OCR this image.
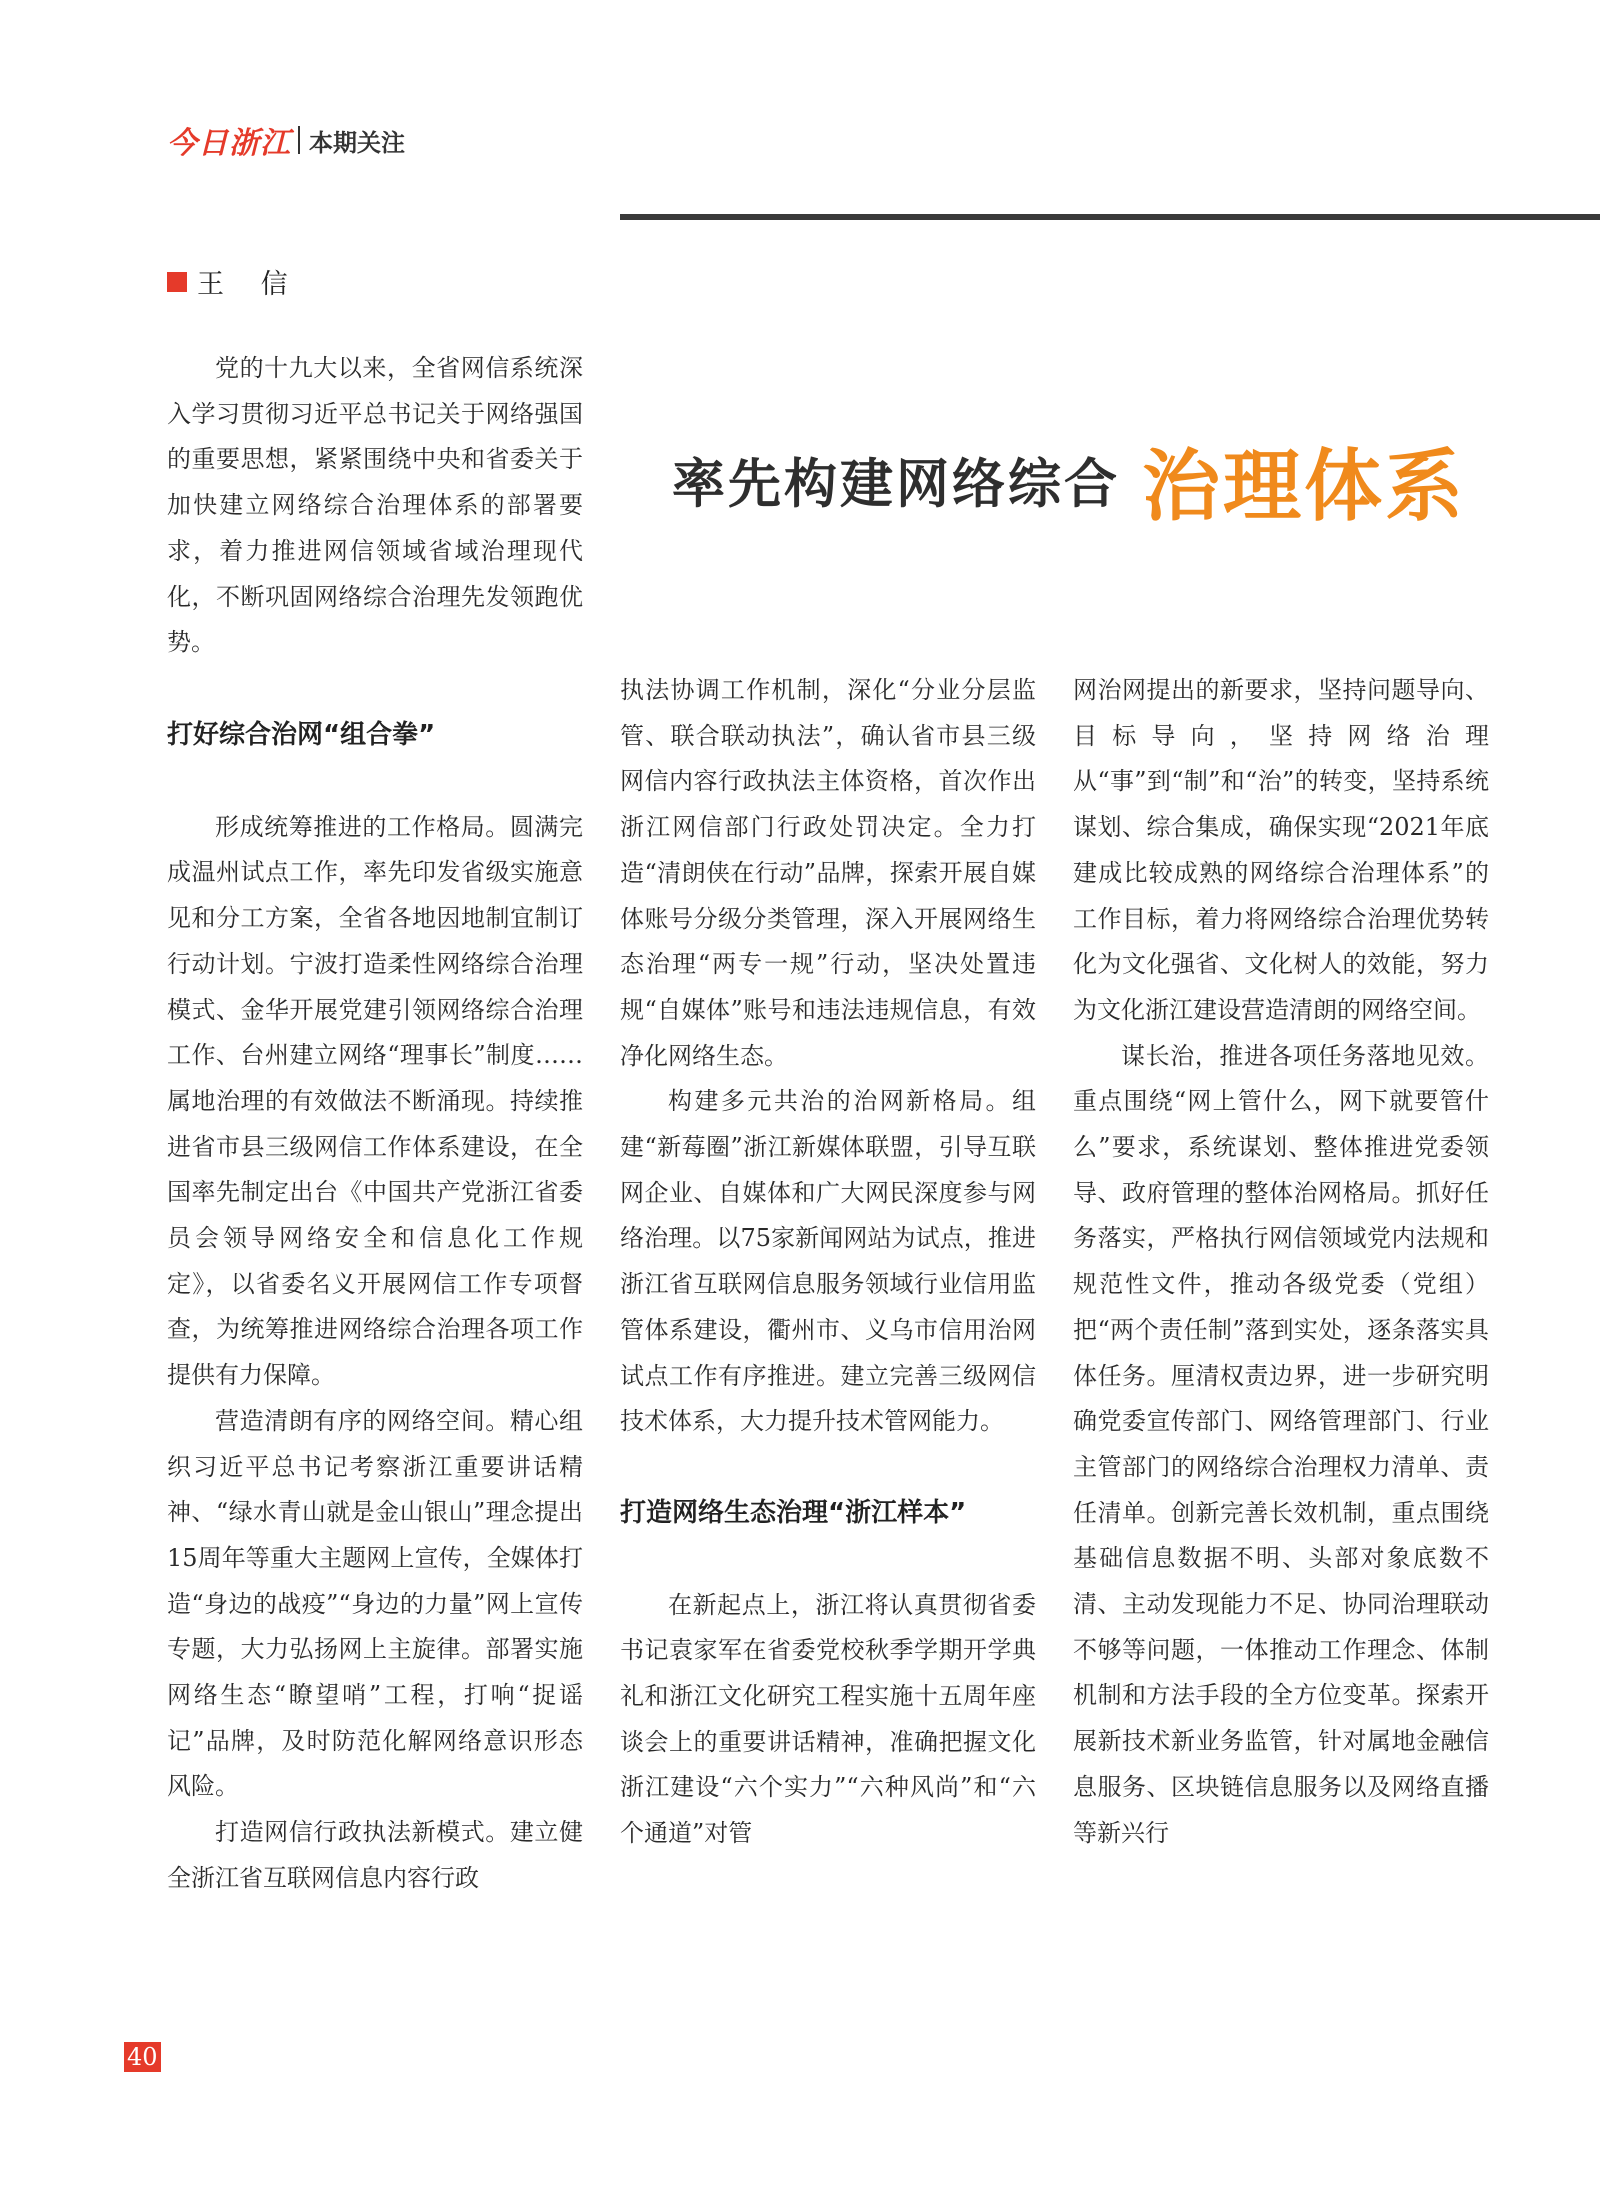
今日浙江 本期关注
王 信
率先构建网络综合 治理体系

党的十九大以来，全省网信系统深入学习贯彻习近平总书记关于网络强国的重要思想，紧紧围绕中央和省委关于加快建立网络综合治理体系的部署要求，着力推进网信领域省域治理现代化，不断巩固网络综合治理先发领跑优势。

打好综合治网“组合拳”

形成统筹推进的工作格局。圆满完成温州试点工作，率先印发省级实施意见和分工方案，全省各地因地制宜制订行动计划。宁波打造柔性网络综合治理模式、金华开展党建引领网络综合治理工作、台州建立网络“理事长”制度……属地治理的有效做法不断涌现。持续推进省市县三级网信工作体系建设，在全国率先制定出台《中国共产党浙江省委员会领导网络安全和信息化工作规定》，以省委名义开展网信工作专项督查，为统筹推进网络综合治理各项工作提供有力保障。

营造清朗有序的网络空间。精心组织习近平总书记考察浙江重要讲话精神、“绿水青山就是金山银山”理念提出15周年等重大主题网上宣传，全媒体打造“身边的战疫”“身边的力量”网上宣传专题，大力弘扬网上主旋律。部署实施网络生态“瞭望哨”工程，打响“捉谣记”品牌，及时防范化解网络意识形态风险。

打造网信行政执法新模式。建立健全浙江省互联网信息内容行政

执法协调工作机制，深化“分业分层监管、联合联动执法”，确认省市县三级网信内容行政执法主体资格，首次作出浙江网信部门行政处罚决定。全力打造“清朗侠在行动”品牌，探索开展自媒体账号分级分类管理，深入开展网络生态治理“两专一规”行动，坚决处置违规“自媒体”账号和违法违规信息，有效净化网络生态。

构建多元共治的治网新格局。组建“新莓圈”浙江新媒体联盟，引导互联网企业、自媒体和广大网民深度参与网络治理。以75家新闻网站为试点，推进浙江省互联网信息服务领域行业信用监管体系建设，衢州市、义乌市信用治网试点工作有序推进。建立完善三级网信技术体系，大力提升技术管网能力。

打造网络生态治理“浙江样本”

在新起点上，浙江将认真贯彻省委书记袁家军在省委党校秋季学期开学典礼和浙江文化研究工程实施十五周年座谈会上的重要讲话精神，准确把握文化浙江建设“六个实力”“六种风尚”和“六个通道”对管

网治网提出的新要求，坚持问题导向、目标导向，坚持网络治理从“事”到“制”和“治”的转变，坚持系统谋划、综合集成，确保实现“2021年底建成比较成熟的网络综合治理体系”的工作目标，着力将网络综合治理优势转化为文化强省、文化树人的效能，努力为文化浙江建设营造清朗的网络空间。

谋长治，推进各项任务落地见效。重点围绕“网上管什么，网下就要管什么”要求，系统谋划、整体推进党委领导、政府管理的整体治网格局。抓好任务落实，严格执行网信领域党内法规和规范性文件，推动各级党委（党组）把“两个责任制”落到实处，逐条落实具体任务。厘清权责边界，进一步研究明确党委宣传部门、网络管理部门、行业主管部门的网络综合治理权力清单、责任清单。创新完善长效机制，重点围绕基础信息数据不明、头部对象底数不清、主动发现能力不足、协同治理联动不够等问题，一体推动工作理念、体制机制和方法手段的全方位变革。探索开展新技术新业务监管，针对属地金融信息服务、区块链信息服务以及网络直播等新兴行

40
